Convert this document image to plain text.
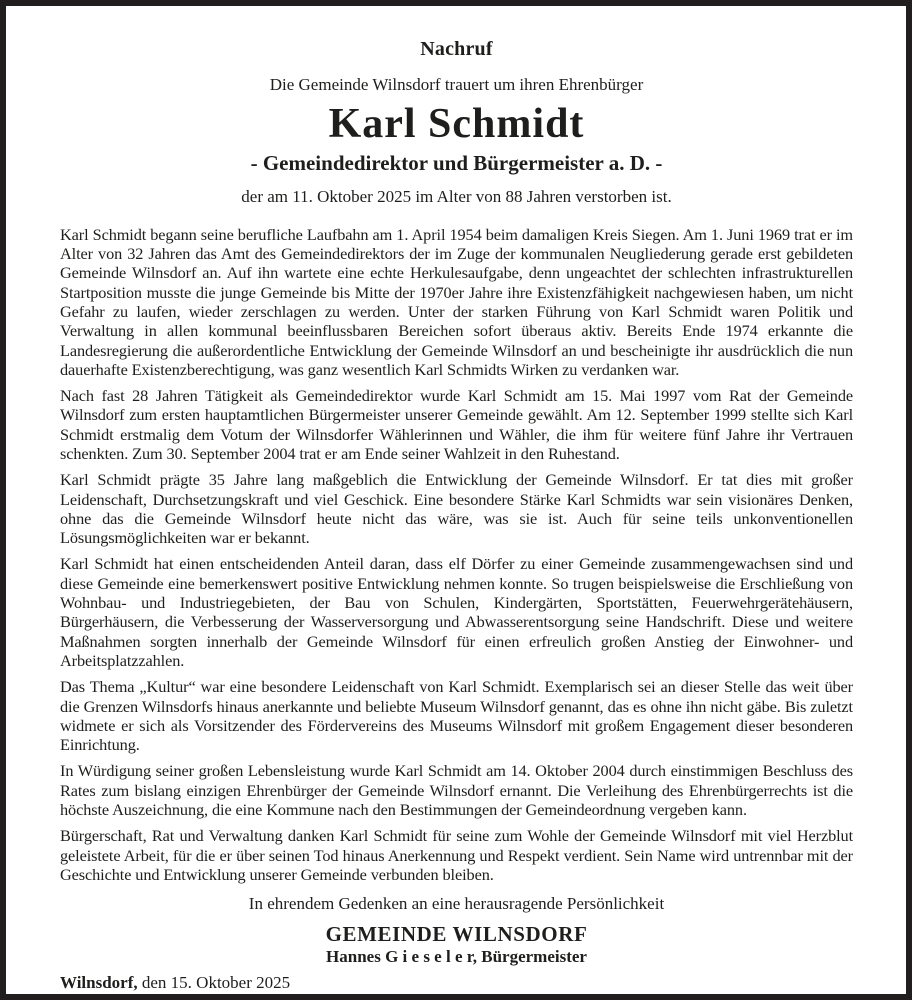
Nachruf
Die Gemeinde Wilnsdorf trauert um ihren Ehrenbürger
Karl Schmidt
- Gemeindedirektor und Bürgermeister a. D. -
der am 11. Oktober 2025 im Alter von 88 Jahren verstorben ist.

Karl Schmidt begann seine berufliche Laufbahn am 1. April 1954 beim damaligen Kreis Siegen. Am 1. Juni 1969 trat er im Alter von 32 Jahren das Amt des Gemeindedirektors der im Zuge der kommunalen Neugliederung gerade erst gebildeten Gemeinde Wilnsdorf an. Auf ihn wartete eine echte Herkulesaufgabe, denn ungeachtet der schlechten infrastrukturellen Startposition musste die junge Gemeinde bis Mitte der 1970er Jahre ihre Existenzfähigkeit nachgewiesen haben, um nicht Gefahr zu laufen, wieder zerschlagen zu werden. Unter der starken Führung von Karl Schmidt waren Politik und Verwaltung in allen kommunal beeinflussbaren Bereichen sofort überaus aktiv. Bereits Ende 1974 erkannte die Landesregierung die außerordentliche Entwicklung der Gemeinde Wilnsdorf an und bescheinigte ihr ausdrücklich die nun dauerhafte Existenzberechtigung, was ganz wesentlich Karl Schmidts Wirken zu verdanken war.

Nach fast 28 Jahren Tätigkeit als Gemeindedirektor wurde Karl Schmidt am 15. Mai 1997 vom Rat der Gemeinde Wilnsdorf zum ersten hauptamtlichen Bürgermeister unserer Gemeinde gewählt. Am 12. September 1999 stellte sich Karl Schmidt erstmalig dem Votum der Wilnsdorfer Wählerinnen und Wähler, die ihm für weitere fünf Jahre ihr Vertrauen schenkten. Zum 30. September 2004 trat er am Ende seiner Wahlzeit in den Ruhestand.

Karl Schmidt prägte 35 Jahre lang maßgeblich die Entwicklung der Gemeinde Wilnsdorf. Er tat dies mit großer Leidenschaft, Durchsetzungskraft und viel Geschick. Eine besondere Stärke Karl Schmidts war sein visionäres Denken, ohne das die Gemeinde Wilnsdorf heute nicht das wäre, was sie ist. Auch für seine teils unkonventionellen Lösungsmöglichkeiten war er bekannt.

Karl Schmidt hat einen entscheidenden Anteil daran, dass elf Dörfer zu einer Gemeinde zusammengewachsen sind und diese Gemeinde eine bemerkenswert positive Entwicklung nehmen konnte. So trugen beispielsweise die Erschließung von Wohnbau- und Industriegebieten, der Bau von Schulen, Kindergärten, Sportstätten, Feuerwehrgerätehäusern, Bürgerhäusern, die Verbesserung der Wasserversorgung und Abwasserentsorgung seine Handschrift. Diese und weitere Maßnahmen sorgten innerhalb der Gemeinde Wilnsdorf für einen erfreulich großen Anstieg der Einwohner- und Arbeitsplatzzahlen.

Das Thema „Kultur“ war eine besondere Leidenschaft von Karl Schmidt. Exemplarisch sei an dieser Stelle das weit über die Grenzen Wilnsdorfs hinaus anerkannte und beliebte Museum Wilnsdorf genannt, das es ohne ihn nicht gäbe. Bis zuletzt widmete er sich als Vorsitzender des Fördervereins des Museums Wilnsdorf mit großem Engagement dieser besonderen Einrichtung.

In Würdigung seiner großen Lebensleistung wurde Karl Schmidt am 14. Oktober 2004 durch einstimmigen Beschluss des Rates zum bislang einzigen Ehrenbürger der Gemeinde Wilnsdorf ernannt. Die Verleihung des Ehrenbürgerrechts ist die höchste Auszeichnung, die eine Kommune nach den Bestimmungen der Gemeindeordnung vergeben kann.

Bürgerschaft, Rat und Verwaltung danken Karl Schmidt für seine zum Wohle der Gemeinde Wilnsdorf mit viel Herzblut geleistete Arbeit, für die er über seinen Tod hinaus Anerkennung und Respekt verdient. Sein Name wird untrennbar mit der Geschichte und Entwicklung unserer Gemeinde verbunden bleiben.

In ehrendem Gedenken an eine herausragende Persönlichkeit
GEMEINDE WILNSDORF
Hannes G i e s e l e r, Bürgermeister
Wilnsdorf, den 15. Oktober 2025
